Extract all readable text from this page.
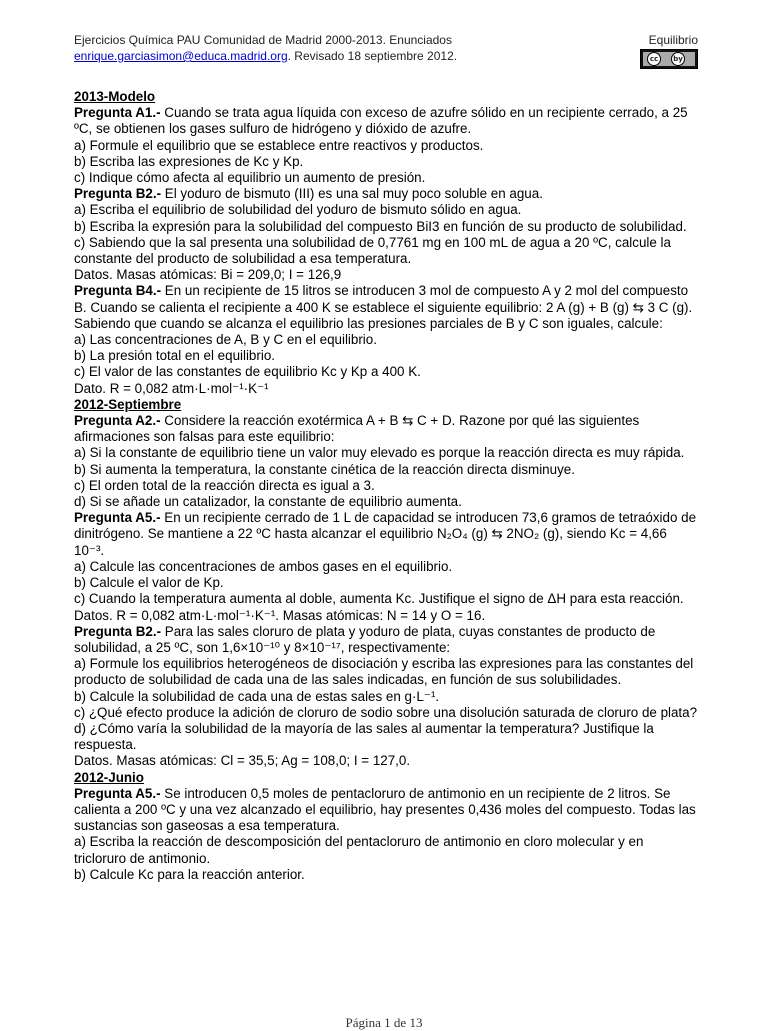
Ejercicios Química PAU Comunidad de Madrid 2000-2013. Enunciados
enrique.garciasimon@educa.madrid.org. Revisado 18 septiembre 2012.
Equilibrio
cc	by

2013-Modelo

Pregunta A1.- Cuando se trata agua líquida con exceso de azufre sólido en un recipiente cerrado, a 25 ºC, se obtienen los gases sulfuro de hidrógeno y dióxido de azufre.

a) Formule el equilibrio que se establece entre reactivos y productos.

b) Escriba las expresiones de Kc y Kp.

c) Indique cómo afecta al equilibrio un aumento de presión.

Pregunta B2.- El yoduro de bismuto (III) es una sal muy poco soluble en agua.

a) Escriba el equilibrio de solubilidad del yoduro de bismuto sólido en agua.

b) Escriba la expresión para la solubilidad del compuesto BiI3 en función de su producto de solubilidad.

c) Sabiendo que la sal presenta una solubilidad de 0,7761 mg en 100 mL de agua a 20 ºC, calcule la constante del producto de solubilidad a esa temperatura.

Datos. Masas atómicas: Bi = 209,0; I = 126,9

Pregunta B4.- En un recipiente de 15 litros se introducen 3 mol de compuesto A y 2 mol del compuesto B. Cuando se calienta el recipiente a 400 K se establece el siguiente equilibrio: 2 A (g) + B (g) ⇆ 3 C (g). Sabiendo que cuando se alcanza el equilibrio las presiones parciales de B y C son iguales, calcule:

a) Las concentraciones de A, B y C en el equilibrio.

b) La presión total en el equilibrio.

c) El valor de las constantes de equilibrio Kc y Kp a 400 K.

Dato. R = 0,082 atm·L·mol⁻¹·K⁻¹

2012-Septiembre

Pregunta A2.- Considere la reacción exotérmica A + B ⇆ C + D. Razone por qué las siguientes afirmaciones son falsas para este equilibrio:

a) Si la constante de equilibrio tiene un valor muy elevado es porque la reacción directa es muy rápida.

b) Si aumenta la temperatura, la constante cinética de la reacción directa disminuye.

c) El orden total de la reacción directa es igual a 3.

d) Si se añade un catalizador, la constante de equilibrio aumenta.

Pregunta A5.- En un recipiente cerrado de 1 L de capacidad se introducen 73,6 gramos de tetraóxido de dinitrógeno. Se mantiene a 22 ºC hasta alcanzar el equilibrio N₂O₄ (g) ⇆ 2NO₂ (g), siendo Kc = 4,66 10⁻³.

a) Calcule las concentraciones de ambos gases en el equilibrio.

b) Calcule el valor de Kp.

c) Cuando la temperatura aumenta al doble, aumenta Kc. Justifique el signo de ΔH para esta reacción.

Datos. R = 0,082 atm·L·mol⁻¹·K⁻¹. Masas atómicas: N = 14 y O = 16.

Pregunta B2.- Para las sales cloruro de plata y yoduro de plata, cuyas constantes de producto de solubilidad, a 25 ºC, son 1,6×10⁻¹⁰ y 8×10⁻¹⁷, respectivamente:

a) Formule los equilibrios heterogéneos de disociación y escriba las expresiones para las constantes del producto de solubilidad de cada una de las sales indicadas, en función de sus solubilidades.

b) Calcule la solubilidad de cada una de estas sales en g·L⁻¹.

c) ¿Qué efecto produce la adición de cloruro de sodio sobre una disolución saturada de cloruro de plata?

d) ¿Cómo varía la solubilidad de la mayoría de las sales al aumentar la temperatura? Justifique la respuesta.

Datos. Masas atómicas: Cl = 35,5; Ag = 108,0; I = 127,0.

2012-Junio

Pregunta A5.- Se introducen 0,5 moles de pentacloruro de antimonio en un recipiente de 2 litros. Se calienta a 200 ºC y una vez alcanzado el equilibrio, hay presentes 0,436 moles del compuesto. Todas las sustancias son gaseosas a esa temperatura.

a) Escriba la reacción de descomposición del pentacloruro de antimonio en cloro molecular y en tricloruro de antimonio.

b) Calcule Kc para la reacción anterior.

Página 1 de 13
